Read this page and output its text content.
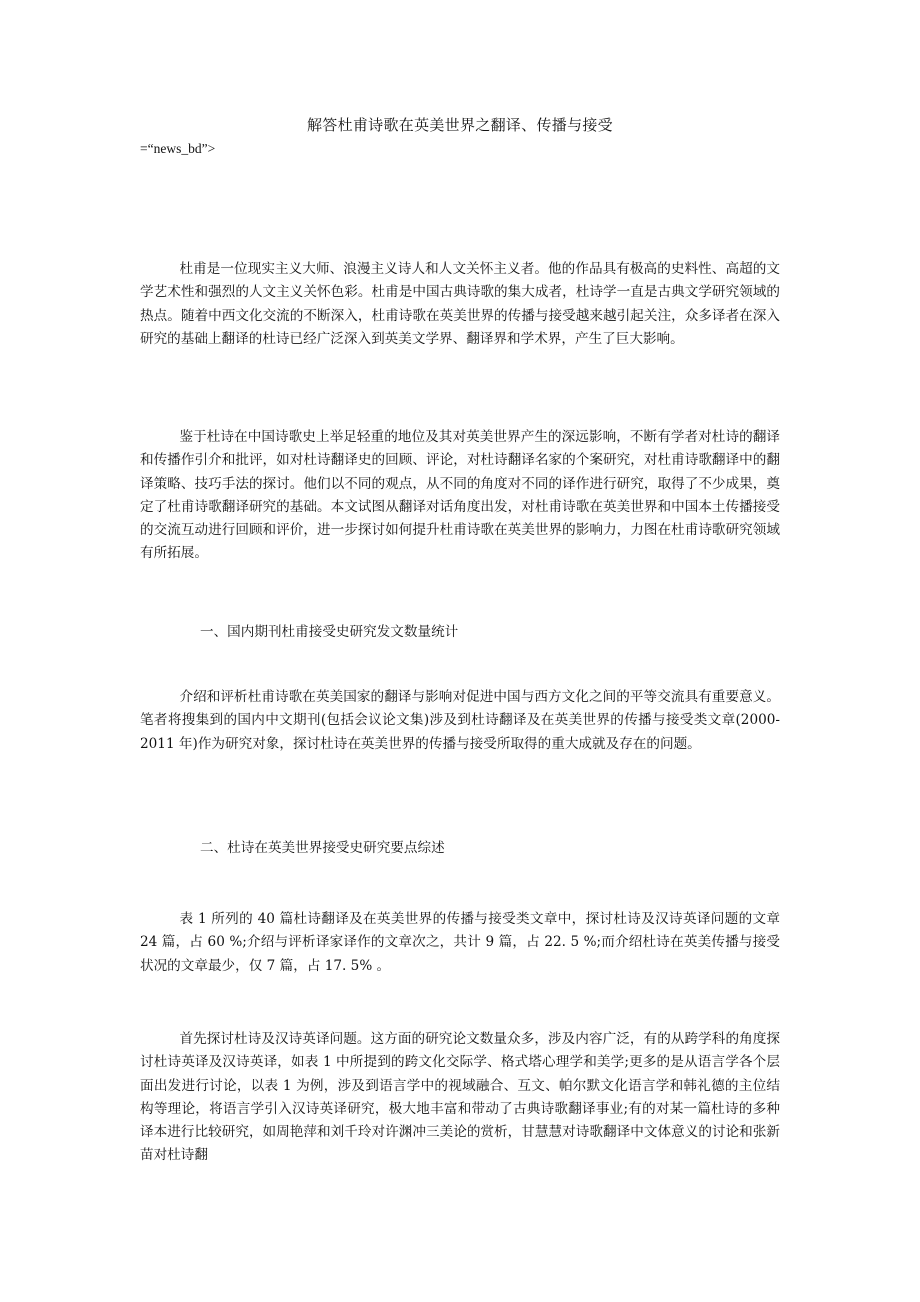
解答杜甫诗歌在英美世界之翻译、传播与接受
=“news_bd”>

杜甫是一位现实主义大师、浪漫主义诗人和人文关怀主义者。他的作品具有极高的史料性、高超的文学艺术性和强烈的人文主义关怀色彩。杜甫是中国古典诗歌的集大成者，杜诗学一直是古典文学研究领域的热点。随着中西文化交流的不断深入，杜甫诗歌在英美世界的传播与接受越来越引起关注，众多译者在深入研究的基础上翻译的杜诗已经广泛深入到英美文学界、翻译界和学术界，产生了巨大影响。

鉴于杜诗在中国诗歌史上举足轻重的地位及其对英美世界产生的深远影响，不断有学者对杜诗的翻译和传播作引介和批评，如对杜诗翻译史的回顾、评论，对杜诗翻译名家的个案研究，对杜甫诗歌翻译中的翻译策略、技巧手法的探讨。他们以不同的观点，从不同的角度对不同的译作进行研究，取得了不少成果，奠定了杜甫诗歌翻译研究的基础。本文试图从翻译对话角度出发，对杜甫诗歌在英美世界和中国本土传播接受的交流互动进行回顾和评价，进一步探讨如何提升杜甫诗歌在英美世界的影响力，力图在杜甫诗歌研究领域有所拓展。

一、国内期刊杜甫接受史研究发文数量统计

介绍和评析杜甫诗歌在英美国家的翻译与影响对促进中国与西方文化之间的平等交流具有重要意义。笔者将搜集到的国内中文期刊(包括会议论文集)涉及到杜诗翻译及在英美世界的传播与接受类文章(2000-2011 年)作为研究对象，探讨杜诗在英美世界的传播与接受所取得的重大成就及存在的问题。

二、杜诗在英美世界接受史研究要点综述

表 1 所列的 40 篇杜诗翻译及在英美世界的传播与接受类文章中，探讨杜诗及汉诗英译问题的文章 24 篇，占 60 %;介绍与评析译家译作的文章次之，共计 9 篇，占 22. 5 %;而介绍杜诗在英美传播与接受状况的文章最少，仅 7 篇，占 17. 5% 。

首先探讨杜诗及汉诗英译问题。这方面的研究论文数量众多，涉及内容广泛，有的从跨学科的角度探讨杜诗英译及汉诗英译，如表 1 中所提到的跨文化交际学、格式塔心理学和美学;更多的是从语言学各个层面出发进行讨论，以表 1 为例，涉及到语言学中的视域融合、互文、帕尔默文化语言学和韩礼德的主位结构等理论，将语言学引入汉诗英译研究，极大地丰富和带动了古典诗歌翻译事业;有的对某一篇杜诗的多种译本进行比较研究，如周艳萍和刘千玲对许渊冲三美论的赏析，甘慧慧对诗歌翻译中文体意义的讨论和张新苗对杜诗翻
